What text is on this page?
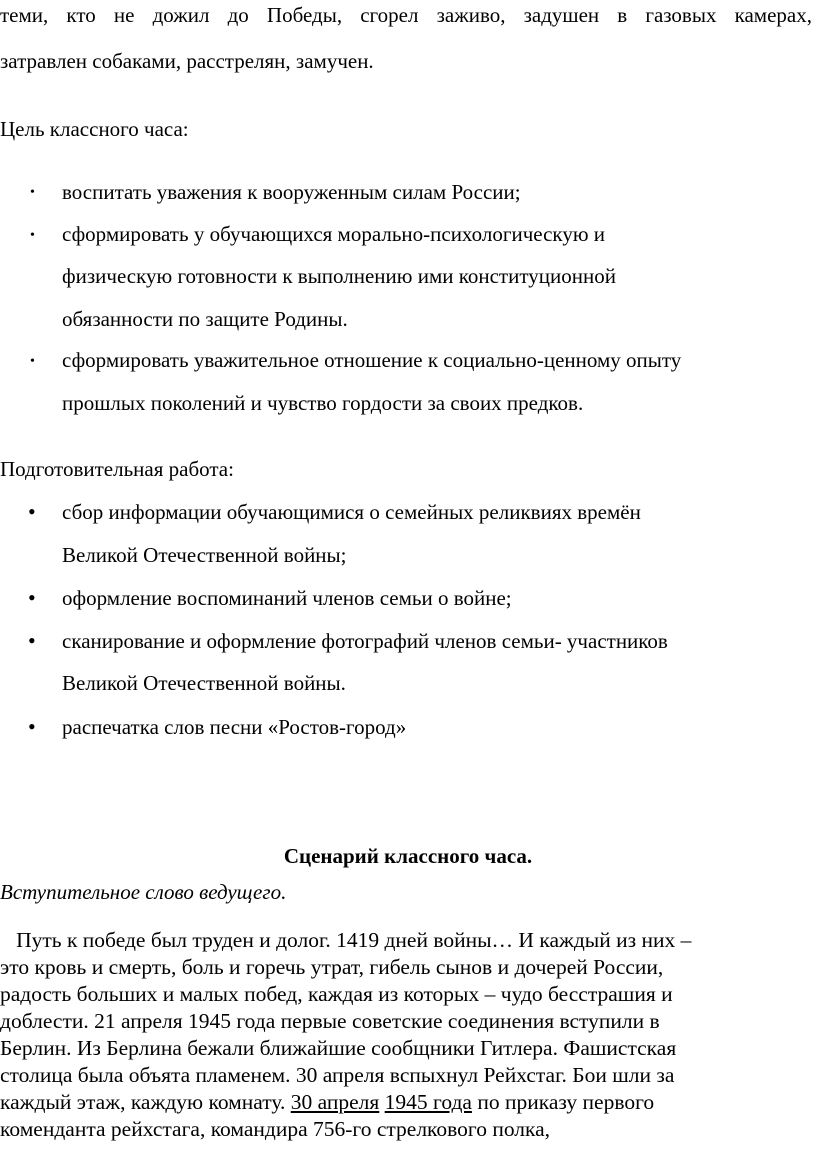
теми, кто не дожил до Победы, сгорел заживо, задушен в газовых камерах,
затравлен собаками, расстрелян, замучен.
Цель классного часа:
• воспитать уважения к вооруженным силам России;
• сформировать у обучающихся морально-психологическую и
физическую готовности к выполнению ими конституционной
обязанности по защите Родины.
• сформировать уважительное отношение к социально-ценному опыту
прошлых поколений и чувство гордости за своих предков.
Подготовительная работа:
• сбор информации обучающимися о семейных реликвиях времён
Великой Отечественной войны;
• оформление воспоминаний членов семьи о войне;
• сканирование и оформление фотографий членов семьи- участников
Великой Отечественной войны.
• распечатка слов песни «Ростов-город»
Сценарий классного часа.
Вступительное слово ведущего.
Путь к победе был труден и долог. 1419 дней войны… И каждый из них –
это кровь и смерть, боль и горечь утрат, гибель сынов и дочерей России,
радость больших и малых побед, каждая из которых – чудо бесстрашия и
доблести. 21 апреля 1945 года первые советские соединения вступили в
Берлин. Из Берлина бежали ближайшие сообщники Гитлера. Фашистская
столица была объята пламенем. 30 апреля вспыхнул Рейхстаг. Бои шли за
каждый этаж, каждую комнату. 30 апреля 1945 года по приказу первого
коменданта рейхстага, командира 756-го стрелкового полка,
